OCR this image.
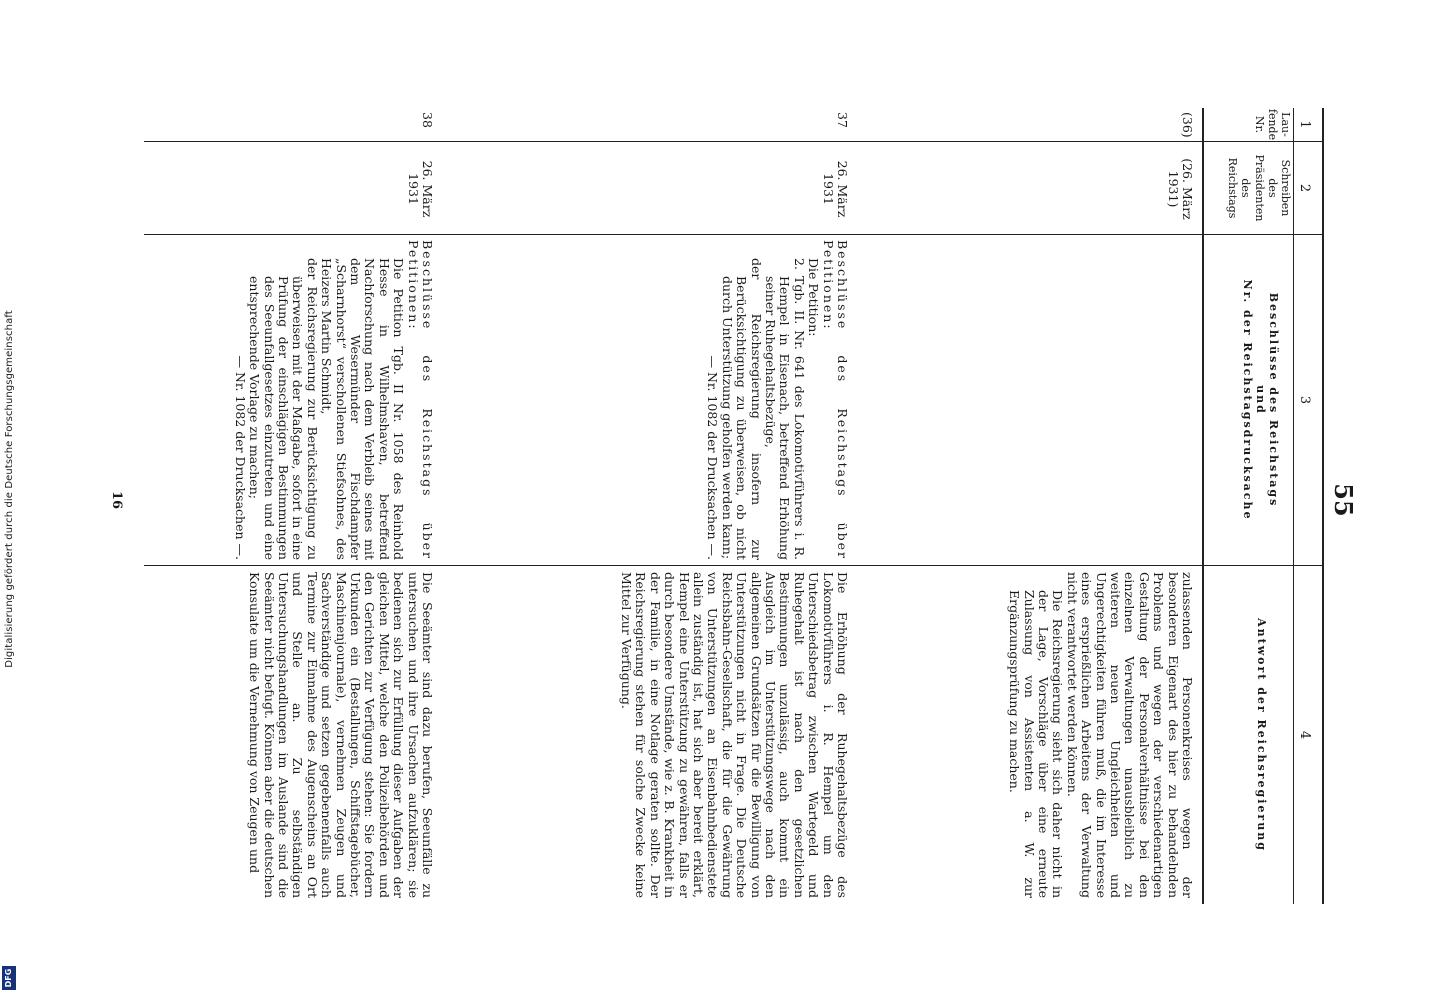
Digitalisierung gefördert durch die Deutsche Forschungsgemeinschaft
DFG
55
1
2
3
4
Lau-
fende
Nr.
Schreiben
des
Präsidenten
des
Reichstags
Beschlüsse des Reichstags
und
Nr. der Reichstagsdrucksache
Antwort der Reichsregierung
(36)
(26. März
1931)
zulassenden Personenkreises wegen der besonderen Eigenart des hier zu behandelnden Problems und wegen der verschiedenartigen Gestaltung der Personalverhältnisse bei den einzelnen Verwaltungen unausbleiblich zu weiteren neuen Ungleichheiten und Ungerechtigkeiten führen muß, die im Interesse eines ersprießlichen Arbeitens der Verwaltung nicht verantwortet werden können.
Die Reichsregierung sieht sich daher nicht in der Lage, Vorschläge über eine erneute Zulassung von Assistenten a. W. zur Ergänzungsprüfung zu machen.
37
26. März
1931
Beschlüsse des Reichstags über Petitionen:
Die Petition:
2. Tgb. II. Nr. 641 des Lokomotivführers i. R. Hempel in Eisenach, betreffend Erhöhung seiner Ruhegehaltsbezüge,
der Reichsregierung insofern zur Berücksichtigung zu überweisen, ob nicht durch Unterstützung geholfen werden kann;
— Nr. 1082 der Drucksachen —.
Die Erhöhung der Ruhegehaltsbezüge des Lokomotivführers i. R. Hempel um den Unterschiedsbetrag zwischen Wartegeld und Ruhegehalt ist nach den gesetzlichen Bestimmungen unzulässig, auch kommt ein Ausgleich im Unterstützungswege nach den allgemeinen Grundsätzen für die Bewilligung von Unterstützungen nicht in Frage. Die Deutsche Reichsbahn-Gesellschaft, die für die Gewährung von Unterstützungen an Eisenbahnbedienstete allein zuständig ist, hat sich aber bereit erklärt, Hempel eine Unterstützung zu gewähren, falls er durch besondere Umstände, wie z. B. Krankheit in der Familie, in eine Notlage geraten sollte. Der Reichsregierung stehen für solche Zwecke keine Mittel zur Verfügung.
38
26. März
1931
Beschlüsse des Reichstags über Petitionen:
Die Petition Tgb. II Nr. 1058 des Reinhold Hesse in Wilhelmshaven, betreffend Nachforschung nach dem Verbleib seines mit dem Wesermünder Fischdampfer „Scharnhorst“ verschollenen Stiefsohnes, des Heizers Martin Schmidt,
der Reichsregierung zur Berücksichtigung zu überweisen mit der Maßgabe, sofort in eine Prüfung der einschlägigen Bestimmungen des Seeunfallgesetzes einzutreten und eine entsprechende Vorlage zu machen;
— Nr. 1082 der Drucksachen —.
Die Seeämter sind dazu berufen, Seeunfälle zu untersuchen und ihre Ursachen aufzuklären; sie bedienen sich zur Erfüllung dieser Aufgaben der gleichen Mittel, welche den Polizeibehörden und den Gerichten zur Verfügung stehen: Sie fordern Urkunden ein (Bestallungen, Schiffstagebücher, Maschinenjournale), vernehmen Zeugen und Sachverständige und setzen gegebenenfalls auch Termine zur Einnahme des Augenscheins an Ort und Stelle an. Zu selbständigen Untersuchungshandlungen im Auslande sind die Seeämter nicht befugt. Können aber die deutschen Konsulate um die Vernehmung von Zeugen und
16
